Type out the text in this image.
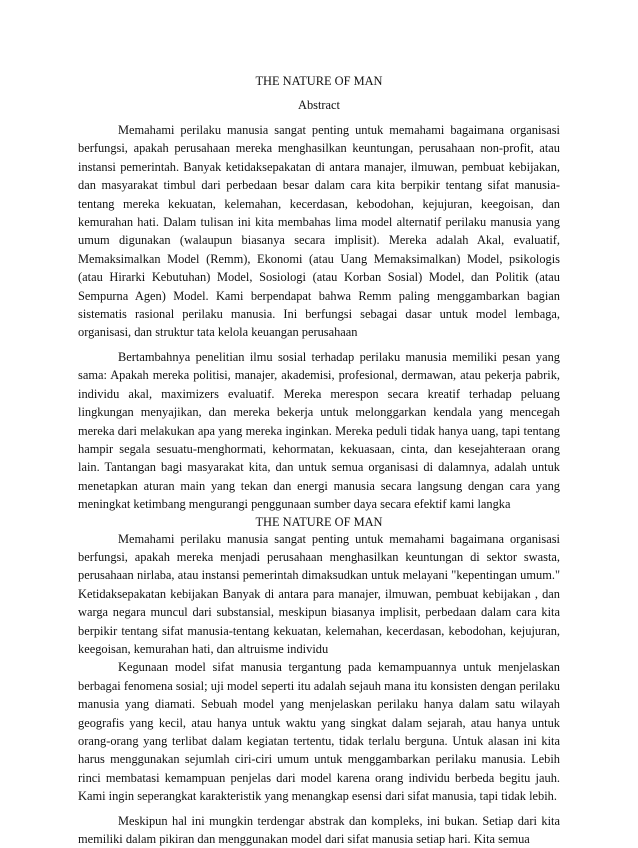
THE NATURE OF MAN
Abstract

Memahami perilaku manusia sangat penting untuk memahami bagaimana organisasi berfungsi, apakah perusahaan mereka menghasilkan keuntungan, perusahaan non-profit, atau instansi pemerintah. Banyak ketidaksepakatan di antara manajer, ilmuwan, pembuat kebijakan, dan masyarakat timbul dari perbedaan besar dalam cara kita berpikir tentang sifat manusia-tentang mereka kekuatan, kelemahan, kecerdasan, kebodohan, kejujuran, keegoisan, dan kemurahan hati. Dalam tulisan ini kita membahas lima model alternatif perilaku manusia yang umum digunakan (walaupun biasanya secara implisit). Mereka adalah Akal, evaluatif, Memaksimalkan Model (Remm), Ekonomi (atau Uang Memaksimalkan) Model, psikologis (atau Hirarki Kebutuhan) Model, Sosiologi (atau Korban Sosial) Model, dan Politik (atau Sempurna Agen) Model. Kami berpendapat bahwa Remm paling menggambarkan bagian sistematis rasional perilaku manusia. Ini berfungsi sebagai dasar untuk model lembaga, organisasi, dan struktur tata kelola keuangan perusahaan

Bertambahnya penelitian ilmu sosial terhadap perilaku manusia memiliki pesan yang sama: Apakah mereka politisi, manajer, akademisi, profesional, dermawan, atau pekerja pabrik, individu akal, maximizers evaluatif. Mereka merespon secara kreatif terhadap peluang lingkungan menyajikan, dan mereka bekerja untuk melonggarkan kendala yang mencegah mereka dari melakukan apa yang mereka inginkan. Mereka peduli tidak hanya uang, tapi tentang hampir segala sesuatu-menghormati, kehormatan, kekuasaan, cinta, dan kesejahteraan orang lain. Tantangan bagi masyarakat kita, dan untuk semua organisasi di dalamnya, adalah untuk menetapkan aturan main yang tekan dan energi manusia secara langsung dengan cara yang meningkat ketimbang mengurangi penggunaan sumber daya secara efektif kami langka

THE NATURE OF MAN

Memahami perilaku manusia sangat penting untuk memahami bagaimana organisasi berfungsi, apakah mereka menjadi perusahaan menghasilkan keuntungan di sektor swasta, perusahaan nirlaba, atau instansi pemerintah dimaksudkan untuk melayani "kepentingan umum." Ketidaksepakatan kebijakan Banyak di antara para manajer, ilmuwan, pembuat kebijakan , dan warga negara muncul dari substansial, meskipun biasanya implisit, perbedaan dalam cara kita berpikir tentang sifat manusia-tentang kekuatan, kelemahan, kecerdasan, kebodohan, kejujuran, keegoisan, kemurahan hati, dan altruisme individu

Kegunaan model sifat manusia tergantung pada kemampuannya untuk menjelaskan berbagai fenomena sosial; uji model seperti itu adalah sejauh mana itu konsisten dengan perilaku manusia yang diamati. Sebuah model yang menjelaskan perilaku hanya dalam satu wilayah geografis yang kecil, atau hanya untuk waktu yang singkat dalam sejarah, atau hanya untuk orang-orang yang terlibat dalam kegiatan tertentu, tidak terlalu berguna. Untuk alasan ini kita harus menggunakan sejumlah ciri-ciri umum untuk menggambarkan perilaku manusia. Lebih rinci membatasi kemampuan penjelas dari model karena orang individu berbeda begitu jauh. Kami ingin seperangkat karakteristik yang menangkap esensi dari sifat manusia, tapi tidak lebih.

Meskipun hal ini mungkin terdengar abstrak dan kompleks, ini bukan. Setiap dari kita memiliki dalam pikiran dan menggunakan model dari sifat manusia setiap hari. Kita semua
